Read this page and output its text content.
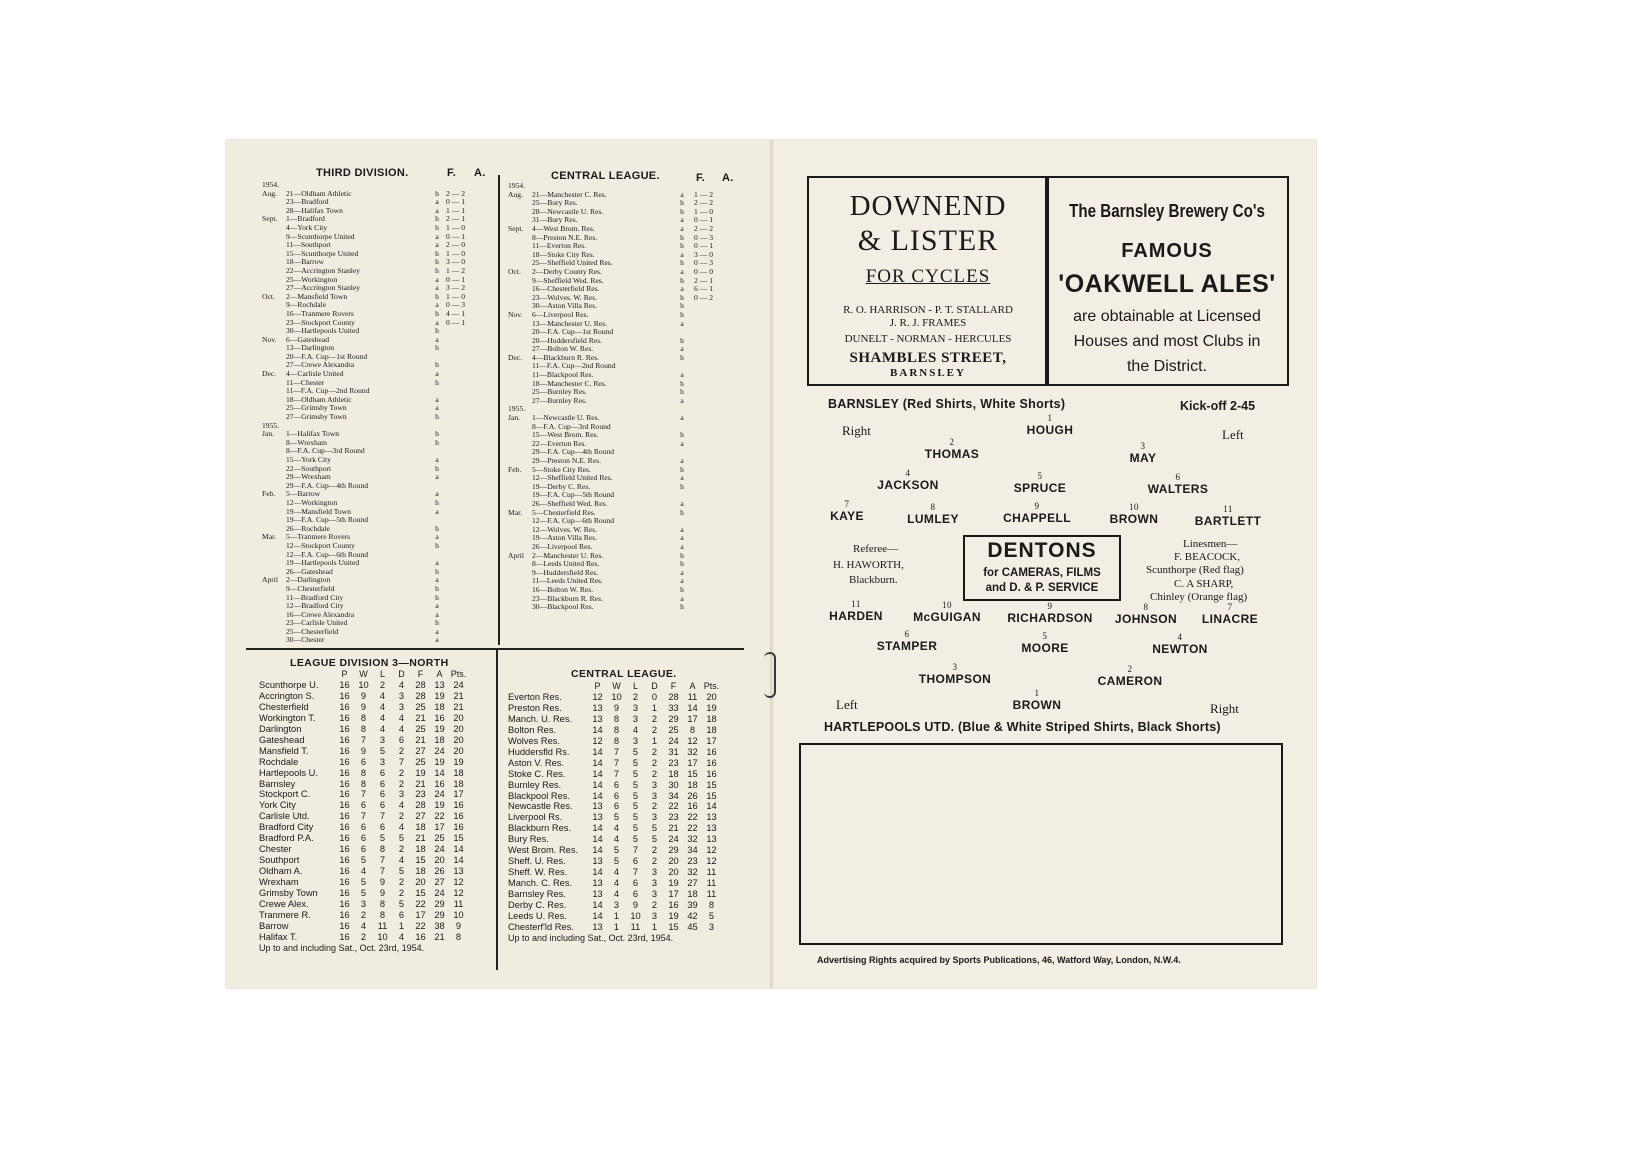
THIRD DIVISION.	F. A.
1954.
Aug.	21—Oldham Athletic	h 2 — 2
23—Bradford	a 0 — 1
28—Halifax Town	a 1 — 1
Sept.	1—Bradford	h 2 — 1
4—York City	h 1 — 0
9—Scunthorpe United	a 0 — 1
11—Southport	a 2 — 0
15—Scunthorpe United	h 1 — 0
18—Barrow	h 3 — 0
22—Accrington Stanley	h 1 — 2
25—Workington	a 0 — 1
27—Accrington Stanley	a 3 — 2
Oct.	2—Mansfield Town	h 1 — 0
9—Rochdale	a 0 — 3
16—Tranmere Rovers	h 4 — 1
23—Stockport County	a 0 — 1
30—Hartlepools United	h
Nov.	6—Gateshead	a
13—Darlington	h
20—F.A. Cup—1st Round
27—Crewe Alexandra	h
Dec.	4—Carlisle United	a
11—Chester	h
11—F.A. Cup—2nd Round
18—Oldham Athletic	a
25—Grimsby Town	a
27—Grimsby Town	h
1955.
Jan.	1—Halifax Town	h
8—Wrexham	h
8—F.A. Cup—3rd Round
15—York City	a
22—Southport	h
29—Wrexham	a
29—F.A. Cup—4th Round
Feb.	5—Barrow	a
12—Workington	h
19—Mansfield Town	a
19—F.A. Cup—5th Round
26—Rochdale	h
Mar.	5—Tranmere Rovers	a
12—Stockport County	h
12—F.A. Cup—6th Round
19—Hartlepools United	a
26—Gateshead	h
April	2—Darlington	a
9—Chesterfield	h
11—Bradford City	h
12—Bradford City	a
16—Crewe Alexandra	a
23—Carlisle United	h
25—Chesterfield	a
30—Chester	a
CENTRAL LEAGUE.	F. A.
1954.
Aug.	21—Manchester C. Res.	a	1 — 2
25—Bury Res.	h	2 — 2
28—Newcastle U. Res.	h	1 — 0
31—Bury Res.	a	0 — 1
Sept.	4—West Brom. Res.	a	2 — 2
8—Preston N.E. Res.	h	0 — 3
11—Everton Res.	h	0 — 1
18—Stoke City Res.	a	3 — 0
25—Sheffield United Res.	h	0 — 3
Oct.	2—Derby County Res.	a	0 — 0
9—Sheffield Wed. Res.	h	2 — 1
16—Chesterfield Res.	a	6 — 1
23—Wolves. W. Res.	h	0 — 2
30—Aston Villa Res.	h
Nov.	6—Liverpool Res.	h
13—Manchester U. Res.	a
20—F.A. Cup—1st Round
20—Huddersfield Res.	h
27—Bolton W. Res.	a
Dec.	4—Blackburn R. Res.	h
11—F.A. Cup—2nd Round
11—Blackpool Res.	a
18—Manchester C. Res.	h
25—Burnley Res.	h
27—Burnley Res.	a
1955.
Jan.	1—Newcastle U. Res.	a
8—F.A. Cup—3rd Round
15—West Brom. Res.	h
22—Everton Res.	a
29—F.A. Cup—4th Round
29—Preston N.E. Res.	a
Feb.	5—Stoke City Res.	h
12—Sheffield United Res.	a
19—Derby C. Res.	h
19—F.A. Cup—5th Round
26—Sheffield Wed. Res.	a
Mar.	5—Chesterfield Res.	h
12—F.A. Cup—6th Round
12—Wolves. W. Res.	a
19—Aston Villa Res.	a
26—Liverpool Res.	a
April	2—Manchester U. Res.	h
8—Leeds United Res.	h
9—Huddersfield Res.	a
11—Leeds United Res.	a
16—Bolton W. Res.	h
23—Blackburn R. Res.	a
30—Blackpool Res.	h
LEAGUE DIVISION 3—NORTH
P	W	L	D	F	A Pts.
Scunthorpe U.	16 10	2	4	28 13 24
Accrington S.	16	9	4	3	28 19 21
Chesterfield	16	9	4	3	25 18 21
Workington T.	16	8	4	4	21 16 20
Darlington	16	8	4	4	25 19 20
Gateshead	16	7	3	6	21 18 20
Mansfield T.	16	9	5	2	27 24 20
Rochdale	16	6	3	7	25 19 19
Hartlepools U.	16	8	6	2	19 14 18
Barnsley	16	8	6	2	21 16 18
Stockport C.	16	7	6	3	23 24 17
York City	16	6	6	4	28 19 16
Carlisle Utd.	16	7	7	2	27 22 16
Bradford City	16	6	6	4	18 17 16
Bradford P.A.	16	6	5	5	21 25 15
Chester	16	6	8	2	18 24 14
Southport	16	5	7	4	15 20 14
Oldham A.	16	4	7	5	18 26 13
Wrexham	16	5	9	2	20 27 12
Grimsby Town	16	5	9	2	15 24 12
Crewe Alex.	16	3	8	5	22 29 11
Tranmere R.	16	2	8	6	17 29 10
Barrow	16	4	11	1	22 38	9
Halifax T.	16	2	10	4	16 21	8
Up to and including Sat., Oct. 23rd, 1954.
CENTRAL LEAGUE.
P	W	L	D	F	A Pts.
Everton Res.	12 10	2	0	28 11 20
Preston Res.	13	9	3	1	33 14 19
Manch. U. Res.	13	8	3	2	29 17 18
Bolton Res.	14	8	4	2	25	8	18
Wolves Res.	12	8	3	1	24 12 17
Huddersfld Rs.	14	7	5	2	31 32 16
Aston V. Res.	14	7	5	2	23 17 16
Stoke C. Res.	14	7	5	2	18 15 16
Burnley Res.	14	6	5	3	30 18 15
Blackpool Res.	14	6	5	3	34 26 15
Newcastle Res.	13	6	5	2	22 16 14
Liverpool Rs.	13	5	5	3	23 22 13
Blackburn Res.	14	4	5	5	21 22 13
Bury Res.	14	4	5	5	24 32 13
West Brom. Res.	14	5	7	2	29 34 12
Sheff. U. Res.	13	5	6	2	20 23 12
Sheff. W. Res.	14	4	7	3	20 32 11
Manch. C. Res.	13	4	6	3	19 27 11
Barnsley Res.	13	4	6	3	17 18 11
Derby C. Res.	14	3	9	2	16 39	8
Leeds U. Res.	14	1	10	3	19 42	5
Chesterf'ld Res.	13	1	11	1	15 45	3
Up to and including Sat., Oct. 23rd, 1954.
DOWNEND
& LISTER
FOR CYCLES
R. O. HARRISON - P. T. STALLARD
J. R. J. FRAMES
DUNELT - NORMAN - HERCULES
SHAMBLES STREET,
BARNSLEY
The Barnsley Brewery Co's
FAMOUS
'OAKWELL ALES'
are obtainable at Licensed
Houses and most Clubs in
the District.
BARNSLEY (Red Shirts, White Shorts)	Kick-off 2-45
Right	Left
1
HOUGH
2
THOMAS
3
MAY
4
JACKSON
5
SPRUCE
6
WALTERS
7
KAYE
8
LUMLEY
9
CHAPPELL
10
BROWN
11
BARTLETT
Referee—
H. HAWORTH,
Blackburn.
DENTONS
for CAMERAS, FILMS
and D. & P. SERVICE
Linesmen—
F. BEACOCK,
Scunthorpe (Red flag)
C. A SHARP,
Chinley (Orange flag)
11
HARDEN
10
McGUIGAN
9
RICHARDSON
8
JOHNSON
7
LINACRE
6
STAMPER
5
MOORE
4
NEWTON
3
THOMPSON
2
CAMERON
1
BROWN
Left	Right
HARTLEPOOLS UTD. (Blue & White Striped Shirts, Black Shorts)
Advertising Rights acquired by Sports Publications, 46, Watford Way, London, N.W.4.
